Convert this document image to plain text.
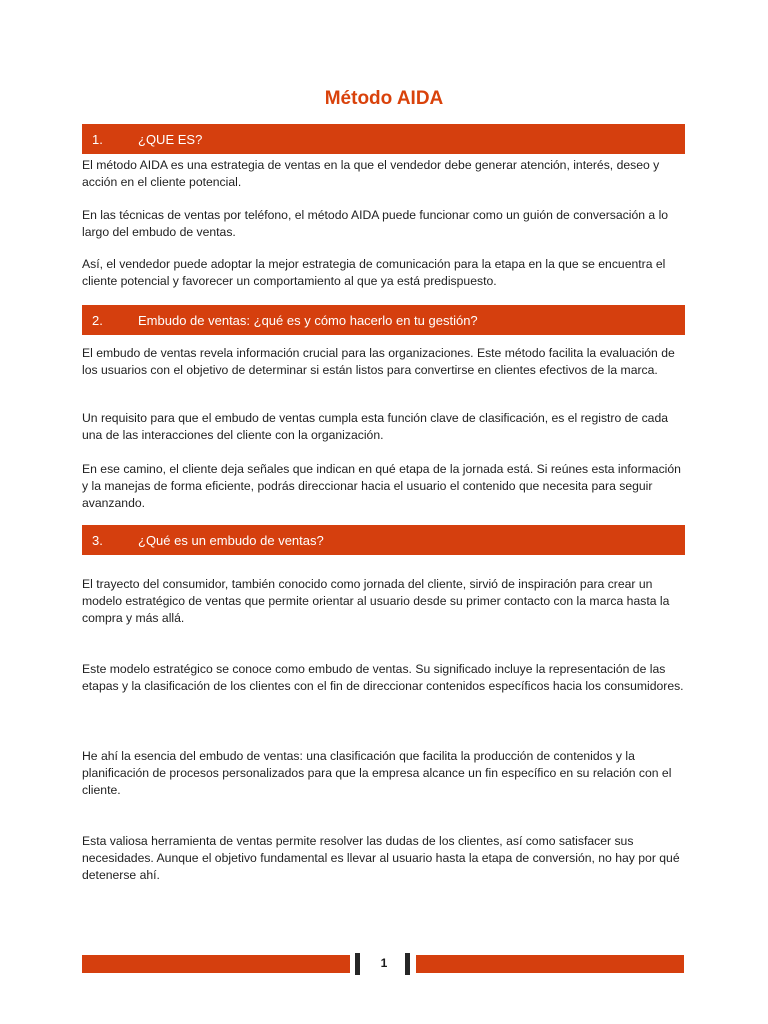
Método AIDA
1.	¿QUE ES?

El método AIDA es una estrategia de ventas en la que el vendedor debe generar atención, interés, deseo y acción en el cliente potencial.

En las técnicas de ventas por teléfono, el método AIDA puede funcionar como un guión de conversación a lo largo del embudo de ventas.

Así, el vendedor puede adoptar la mejor estrategia de comunicación para la etapa en la que se encuentra el cliente potencial y favorecer un comportamiento al que ya está predispuesto.

2.	Embudo de ventas: ¿qué es y cómo hacerlo en tu gestión?

El embudo de ventas revela información crucial para las organizaciones. Este método facilita la evaluación de los usuarios con el objetivo de determinar si están listos para convertirse en clientes efectivos de la marca.

Un requisito para que el embudo de ventas cumpla esta función clave de clasificación, es el registro de cada una de las interacciones del cliente con la organización.

En ese camino, el cliente deja señales que indican en qué etapa de la jornada está. Si reúnes esta información y la manejas de forma eficiente, podrás direccionar hacia el usuario el contenido que necesita para seguir avanzando.

3.	¿Qué es un embudo de ventas?

El trayecto del consumidor, también conocido como jornada del cliente, sirvió de inspiración para crear un modelo estratégico de ventas que permite orientar al usuario desde su primer contacto con la marca hasta la compra y más allá.

Este modelo estratégico se conoce como embudo de ventas. Su significado incluye la representación de las etapas y la clasificación de los clientes con el fin de direccionar contenidos específicos hacia los consumidores.

He ahí la esencia del embudo de ventas: una clasificación que facilita la producción de contenidos y la planificación de procesos personalizados para que la empresa alcance un fin específico en su relación con el cliente.

Esta valiosa herramienta de ventas permite resolver las dudas de los clientes, así como satisfacer sus necesidades. Aunque el objetivo fundamental es llevar al usuario hasta la etapa de conversión, no hay por qué detenerse ahí.

1
